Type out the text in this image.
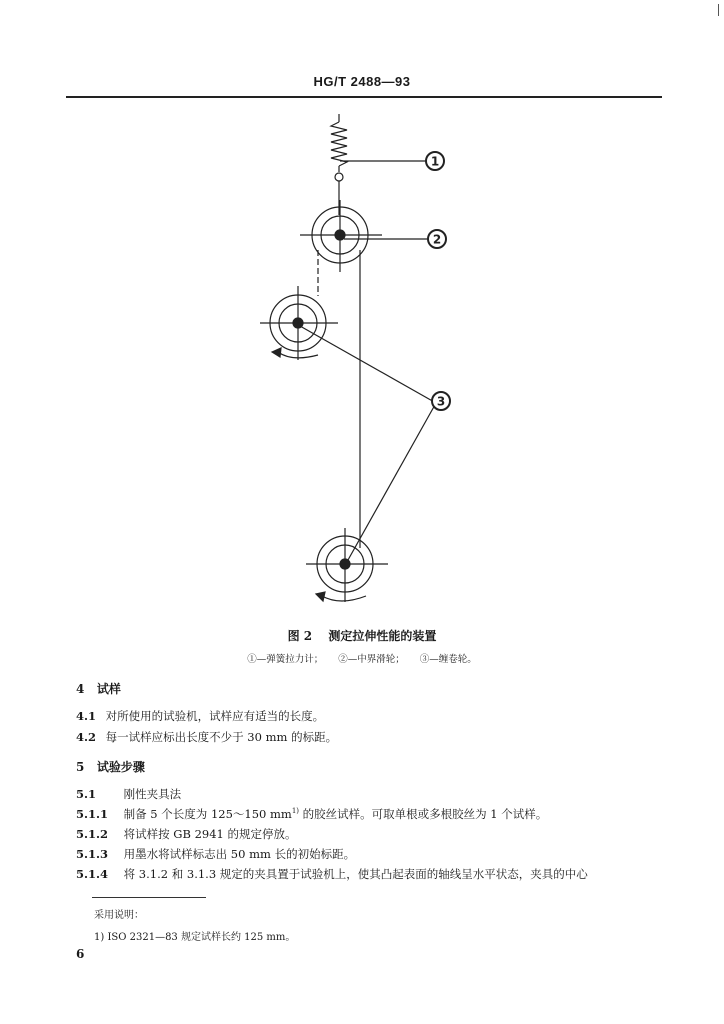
HG/T 2488—93
1
2
3
图 2 测定拉伸性能的装置
①—弹簧拉力计； ②—中界滑轮； ③—缠卷轮。
4 试样
4.1 对所使用的试验机，试样应有适当的长度。
4.2 每一试样应标出长度不少于 30 mm 的标距。
5 试验步骤
5.1 刚性夹具法
5.1.1 制备 5 个长度为 125～150 $mm^{1)}$ 的胶丝试样。可取单根或多根胶丝为 1 个试样。
5.1.2 将试样按 GB 2941 的规定停放。
5.1.3 用墨水将试样标志出 50 mm 长的初始标距。
5.1.4 将 3.1.2 和 3.1.3 规定的夹具置于试验机上，使其凸起表面的轴线呈水平状态，夹具的中心
采用说明：
1) ISO 2321—83 规定试样长约 125 mm。
6
